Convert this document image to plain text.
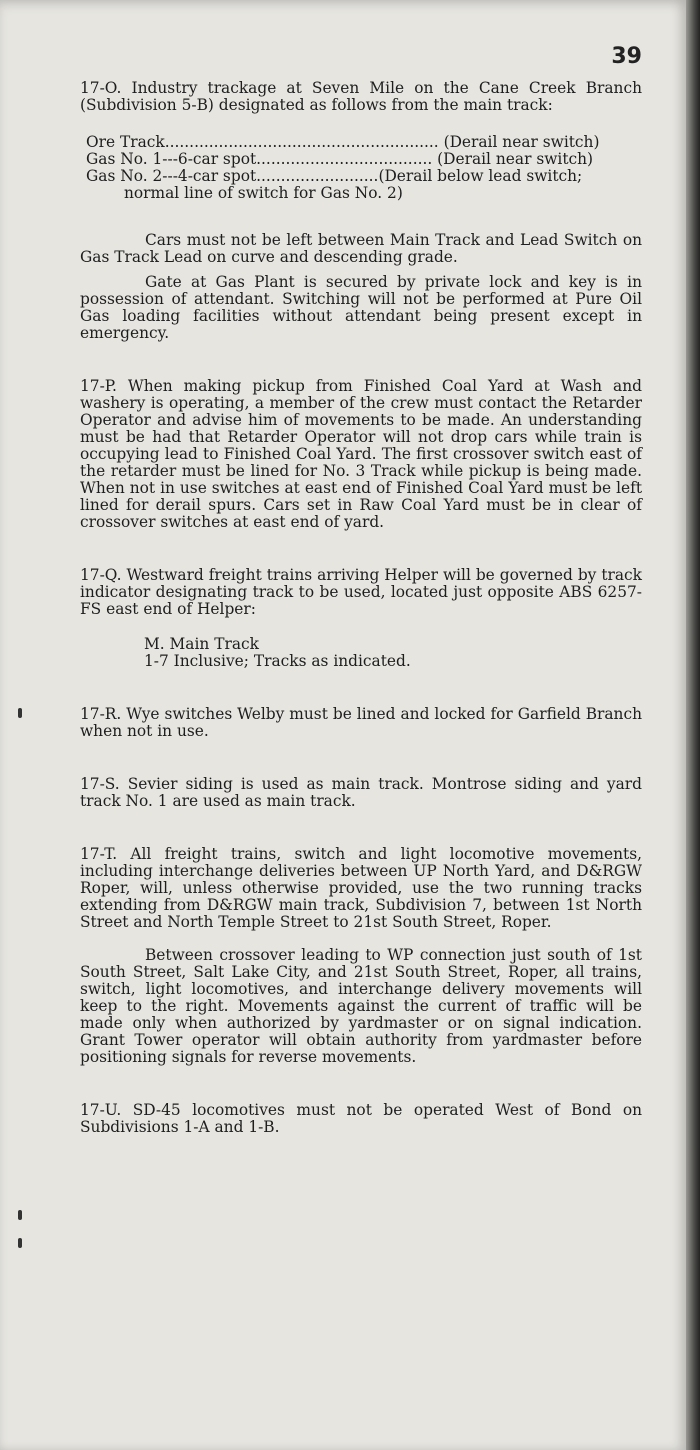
39

17-O. Industry trackage at Seven Mile on the Cane Creek Branch (Subdivision 5-B) designated as follows from the main track:

Ore Track........................................................ (Derail near switch)
Gas No. 1---6-car spot.................................... (Derail near switch)
Gas No. 2---4-car spot.........................(Derail below lead switch;
normal line of switch for Gas No. 2)

Cars must not be left between Main Track and Lead Switch on Gas Track Lead on curve and descending grade.

Gate at Gas Plant is secured by private lock and key is in possession of attendant. Switching will not be performed at Pure Oil Gas loading facilities without attendant being present except in emergency.

17-P. When making pickup from Finished Coal Yard at Wash and washery is operating, a member of the crew must contact the Retarder Operator and advise him of movements to be made. An understanding must be had that Retarder Operator will not drop cars while train is occupying lead to Finished Coal Yard. The first crossover switch east of the retarder must be lined for No. 3 Track while pickup is being made. When not in use switches at east end of Finished Coal Yard must be left lined for derail spurs. Cars set in Raw Coal Yard must be in clear of crossover switches at east end of yard.

17-Q. Westward freight trains arriving Helper will be governed by track indicator designating track to be used, located just opposite ABS 6257-FS east end of Helper:

M. Main Track
1-7 Inclusive; Tracks as indicated.

17-R. Wye switches Welby must be lined and locked for Garfield Branch when not in use.

17-S. Sevier siding is used as main track. Montrose siding and yard track No. 1 are used as main track.

17-T. All freight trains, switch and light locomotive movements, including interchange deliveries between UP North Yard, and D&RGW Roper, will, unless otherwise provided, use the two running tracks extending from D&RGW main track, Subdivision 7, between 1st North Street and North Temple Street to 21st South Street, Roper.

Between crossover leading to WP connection just south of 1st South Street, Salt Lake City, and 21st South Street, Roper, all trains, switch, light locomotives, and interchange delivery movements will keep to the right. Movements against the current of traffic will be made only when authorized by yardmaster or on signal indication. Grant Tower operator will obtain authority from yardmaster before positioning signals for reverse movements.

17-U. SD-45 locomotives must not be operated West of Bond on Subdivisions 1-A and 1-B.
